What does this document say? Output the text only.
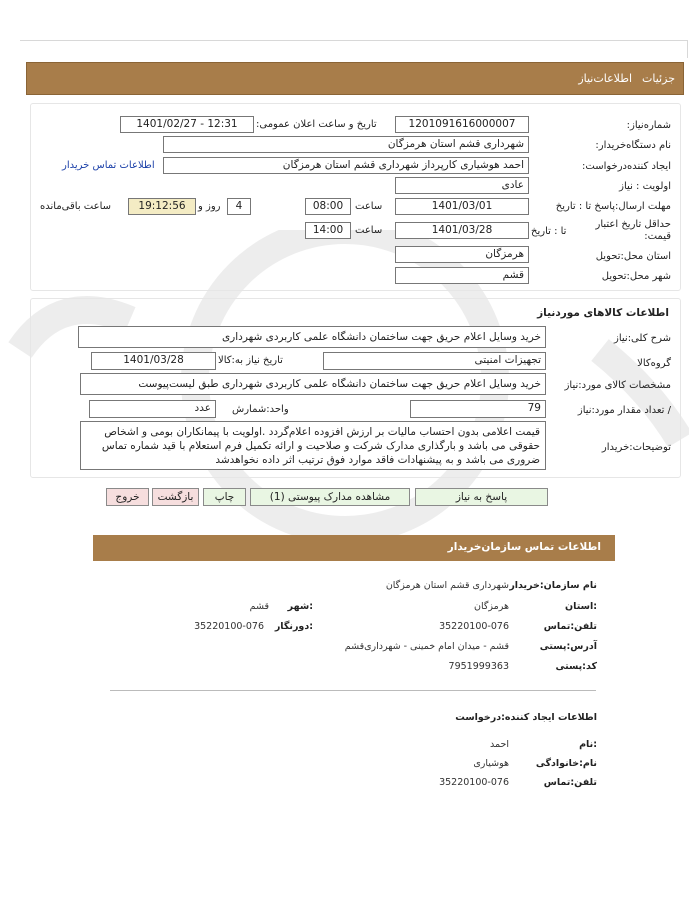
جزئیات
اطلاعات‌نیاز
شماره‌نیاز:
1201091616000007
تاریخ و ساعت اعلان عمومی:
1401/02/27 - 12:31
نام دستگاه‌خریدار:
شهرداری قشم استان هرمزگان
ایجاد کننده‌درخواست:
احمد هوشیاری کارپرداز شهرداری قشم استان هرمزگان
اطلاعات تماس خریدار
اولویت : نیاز
عادی
مهلت ارسال:پاسخ تا : تاریخ
1401/03/01
ساعت
08:00
4
روز و
19:12:56
ساعت باقی‌مانده
حداقل تاریخ اعتبار قیمت:
تا : تاریخ
1401/03/28
ساعت
14:00
استان محل:تحویل
هرمزگان
شهر محل:تحویل
قشم
اطلاعات کالاهای موردنیاز
شرح کلی:نیاز
خرید وسایل اعلام حریق جهت ساختمان دانشگاه علمی کاربردی شهرداری
گروه‌کالا
تجهیزات امنیتی
تاریخ نیاز به:کالا
1401/03/28
مشخصات کالای مورد:نیاز
خرید وسایل اعلام حریق جهت ساختمان دانشگاه علمی کاربردی شهرداری طبق لیست‌پیوست
/ تعداد مقدار مورد:نیاز
79
واحد:شمارش
عدد
توضیحات:خریدار
قیمت اعلامی بدون احتساب مالیات بر ارزش افزوده اعلام‌گردد .اولویت با پیمانکاران بومی و اشخاص حقوقی می باشد و بارگذاری مدارک شرکت و صلاحیت و ارائه تکمیل فرم استعلام با قید شماره تماس ضروری می باشد و به پیشنهادات فاقد موارد فوق ترتیب اثر داده نخواهدشد
پاسخ به نیاز
مشاهده مدارک پیوستی (1)
چاپ
بازگشت
خروج
اطلاعات تماس سازمان‌خریدار
نام سازمان:خریدار
شهرداری قشم استان هرمزگان
:استان
هرمزگان
:شهر
قشم
تلفن:تماس
35220100-076
:دورنگار
35220100-076
آدرس:پستی
قشم - میدان امام خمینی - شهرداری‌قشم
کد:پستی
7951999363
اطلاعات ایجاد کننده:درخواست
:نام
احمد
نام:خانوادگی
هوشیاری
تلفن:تماس
35220100-076
